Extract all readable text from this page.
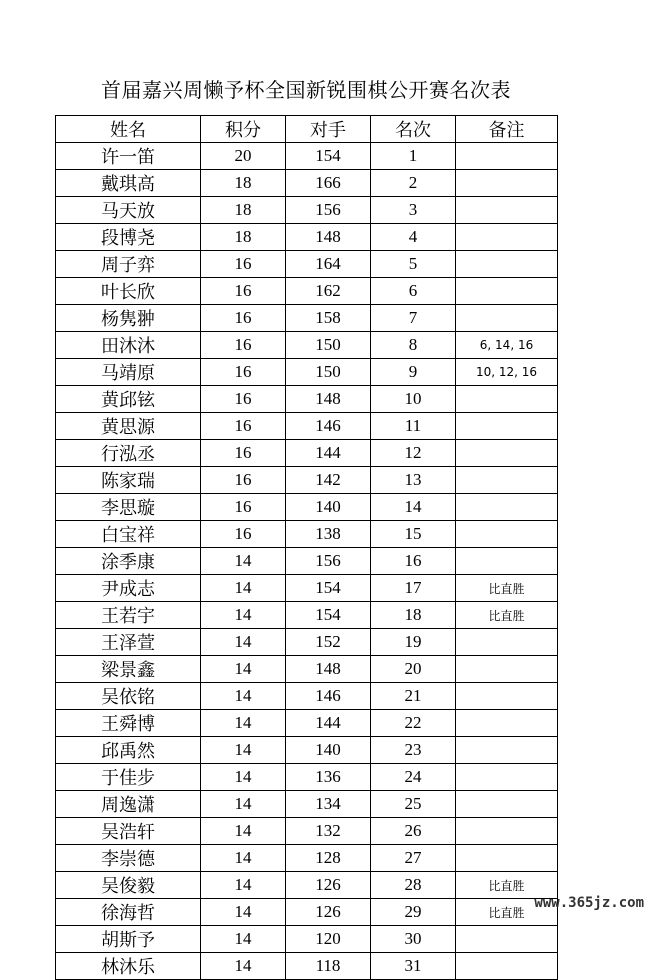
首届嘉兴周懒予杯全国新锐围棋公开赛名次表
姓名	积分	对手	名次	备注
许一笛	20	154	1	
戴琪高	18	166	2	
马天放	18	156	3	
段博尧	18	148	4	
周子弈	16	164	5	
叶长欣	16	162	6	
杨隽翀	16	158	7	
田沐沐	16	150	8	6, 14, 16
马靖原	16	150	9	10, 12, 16
黄邱铉	16	148	10	
黄思源	16	146	11	
行泓丞	16	144	12	
陈家瑞	16	142	13	
李思璇	16	140	14	
白宝祥	16	138	15	
涂季康	14	156	16	
尹成志	14	154	17	比直胜
王若宇	14	154	18	比直胜
王泽萱	14	152	19	
梁景鑫	14	148	20	
吴依铭	14	146	21	
王舜博	14	144	22	
邱禹然	14	140	23	
于佳步	14	136	24	
周逸潇	14	134	25	
吴浩轩	14	132	26	
李崇德	14	128	27	
吴俊毅	14	126	28	比直胜
徐海哲	14	126	29	比直胜
胡斯予	14	120	30	
林沐乐	14	118	31	
www.365jz.com
